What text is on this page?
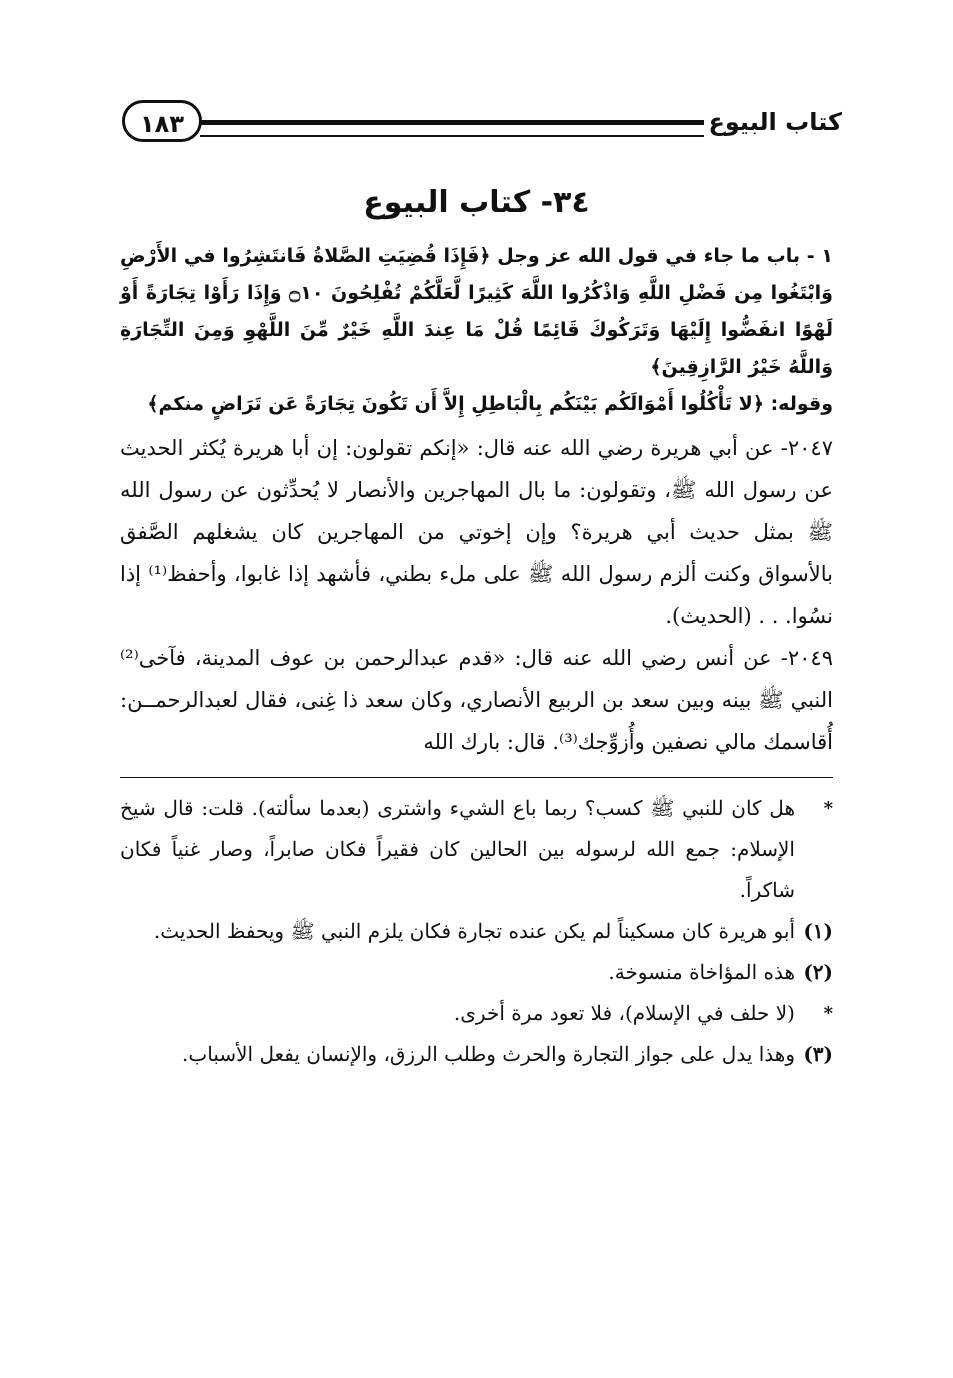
كتاب البيوع
١٨٣
٣٤- كتاب البيوع

١ - باب ما جاء في قول الله عز وجل ﴿فَإِذَا قُضِيَتِ الصَّلاةُ فَانتَشِرُوا في الأَرْضِ وَابْتَغُوا مِن فَضْلِ اللَّهِ وَاذْكُرُوا اللَّهَ كَثِيرًا لَّعَلَّكُمْ تُفْلِحُونَ ۝١٠ وَإِذَا رَأَوْا تِجَارَةً أَوْ لَهْوًا انفَضُّوا إِلَيْهَا وَتَرَكُوكَ قَائِمًا قُلْ مَا عِندَ اللَّهِ خَيْرٌ مِّنَ اللَّهْوِ وَمِنَ التِّجَارَةِ وَاللَّهُ خَيْرُ الرَّازِقِينَ﴾

وقوله: ﴿لا تَأْكُلُوا أَمْوَالَكُم بَيْنَكُم بِالْبَاطِلِ إِلاَّ أَن تَكُونَ تِجَارَةً عَن تَرَاضٍ منكم﴾

٢٠٤٧- عن أبي هريرة رضي الله عنه قال: «إنكم تقولون: إن أبا هريرة يُكثر الحديث عن رسول الله ﷺ، وتقولون: ما بال المهاجرين والأنصار لا يُحدِّثون عن رسول الله ﷺ بمثل حديث أبي هريرة؟ وإن إخوتي من المهاجرين كان يشغلهم الصَّفق بالأسواق وكنت ألزم رسول الله ﷺ على ملء بطني، فأشهد إذا غابوا، وأحفظ⁽¹⁾ إذا نسُوا. . . (الحديث).

٢٠٤٩- عن أنس رضي الله عنه قال: «قدم عبدالرحمن بن عوف المدينة، فآخى⁽²⁾ النبي ﷺ بينه وبين سعد بن الربيع الأنصاري، وكان سعد ذا غِنى، فقال لعبدالرحمــن: أُقاسمك مالي نصفين وأُزوِّجك⁽³⁾. قال: بارك الله

*
هل كان للنبي ﷺ كسب؟ ربما باع الشيء واشترى (بعدما سألته). قلت: قال شيخ الإسلام: جمع الله لرسوله بين الحالين كان فقيراً فكان صابراً، وصار غنياً فكان شاكراً.
(١)
أبو هريرة كان مسكيناً لم يكن عنده تجارة فكان يلزم النبي ﷺ ويحفظ الحديث.
(٢)
هذه المؤاخاة منسوخة.
*
(لا حلف في الإسلام)، فلا تعود مرة أخرى.
(٣)
وهذا يدل على جواز التجارة والحرث وطلب الرزق، والإنسان يفعل الأسباب.
